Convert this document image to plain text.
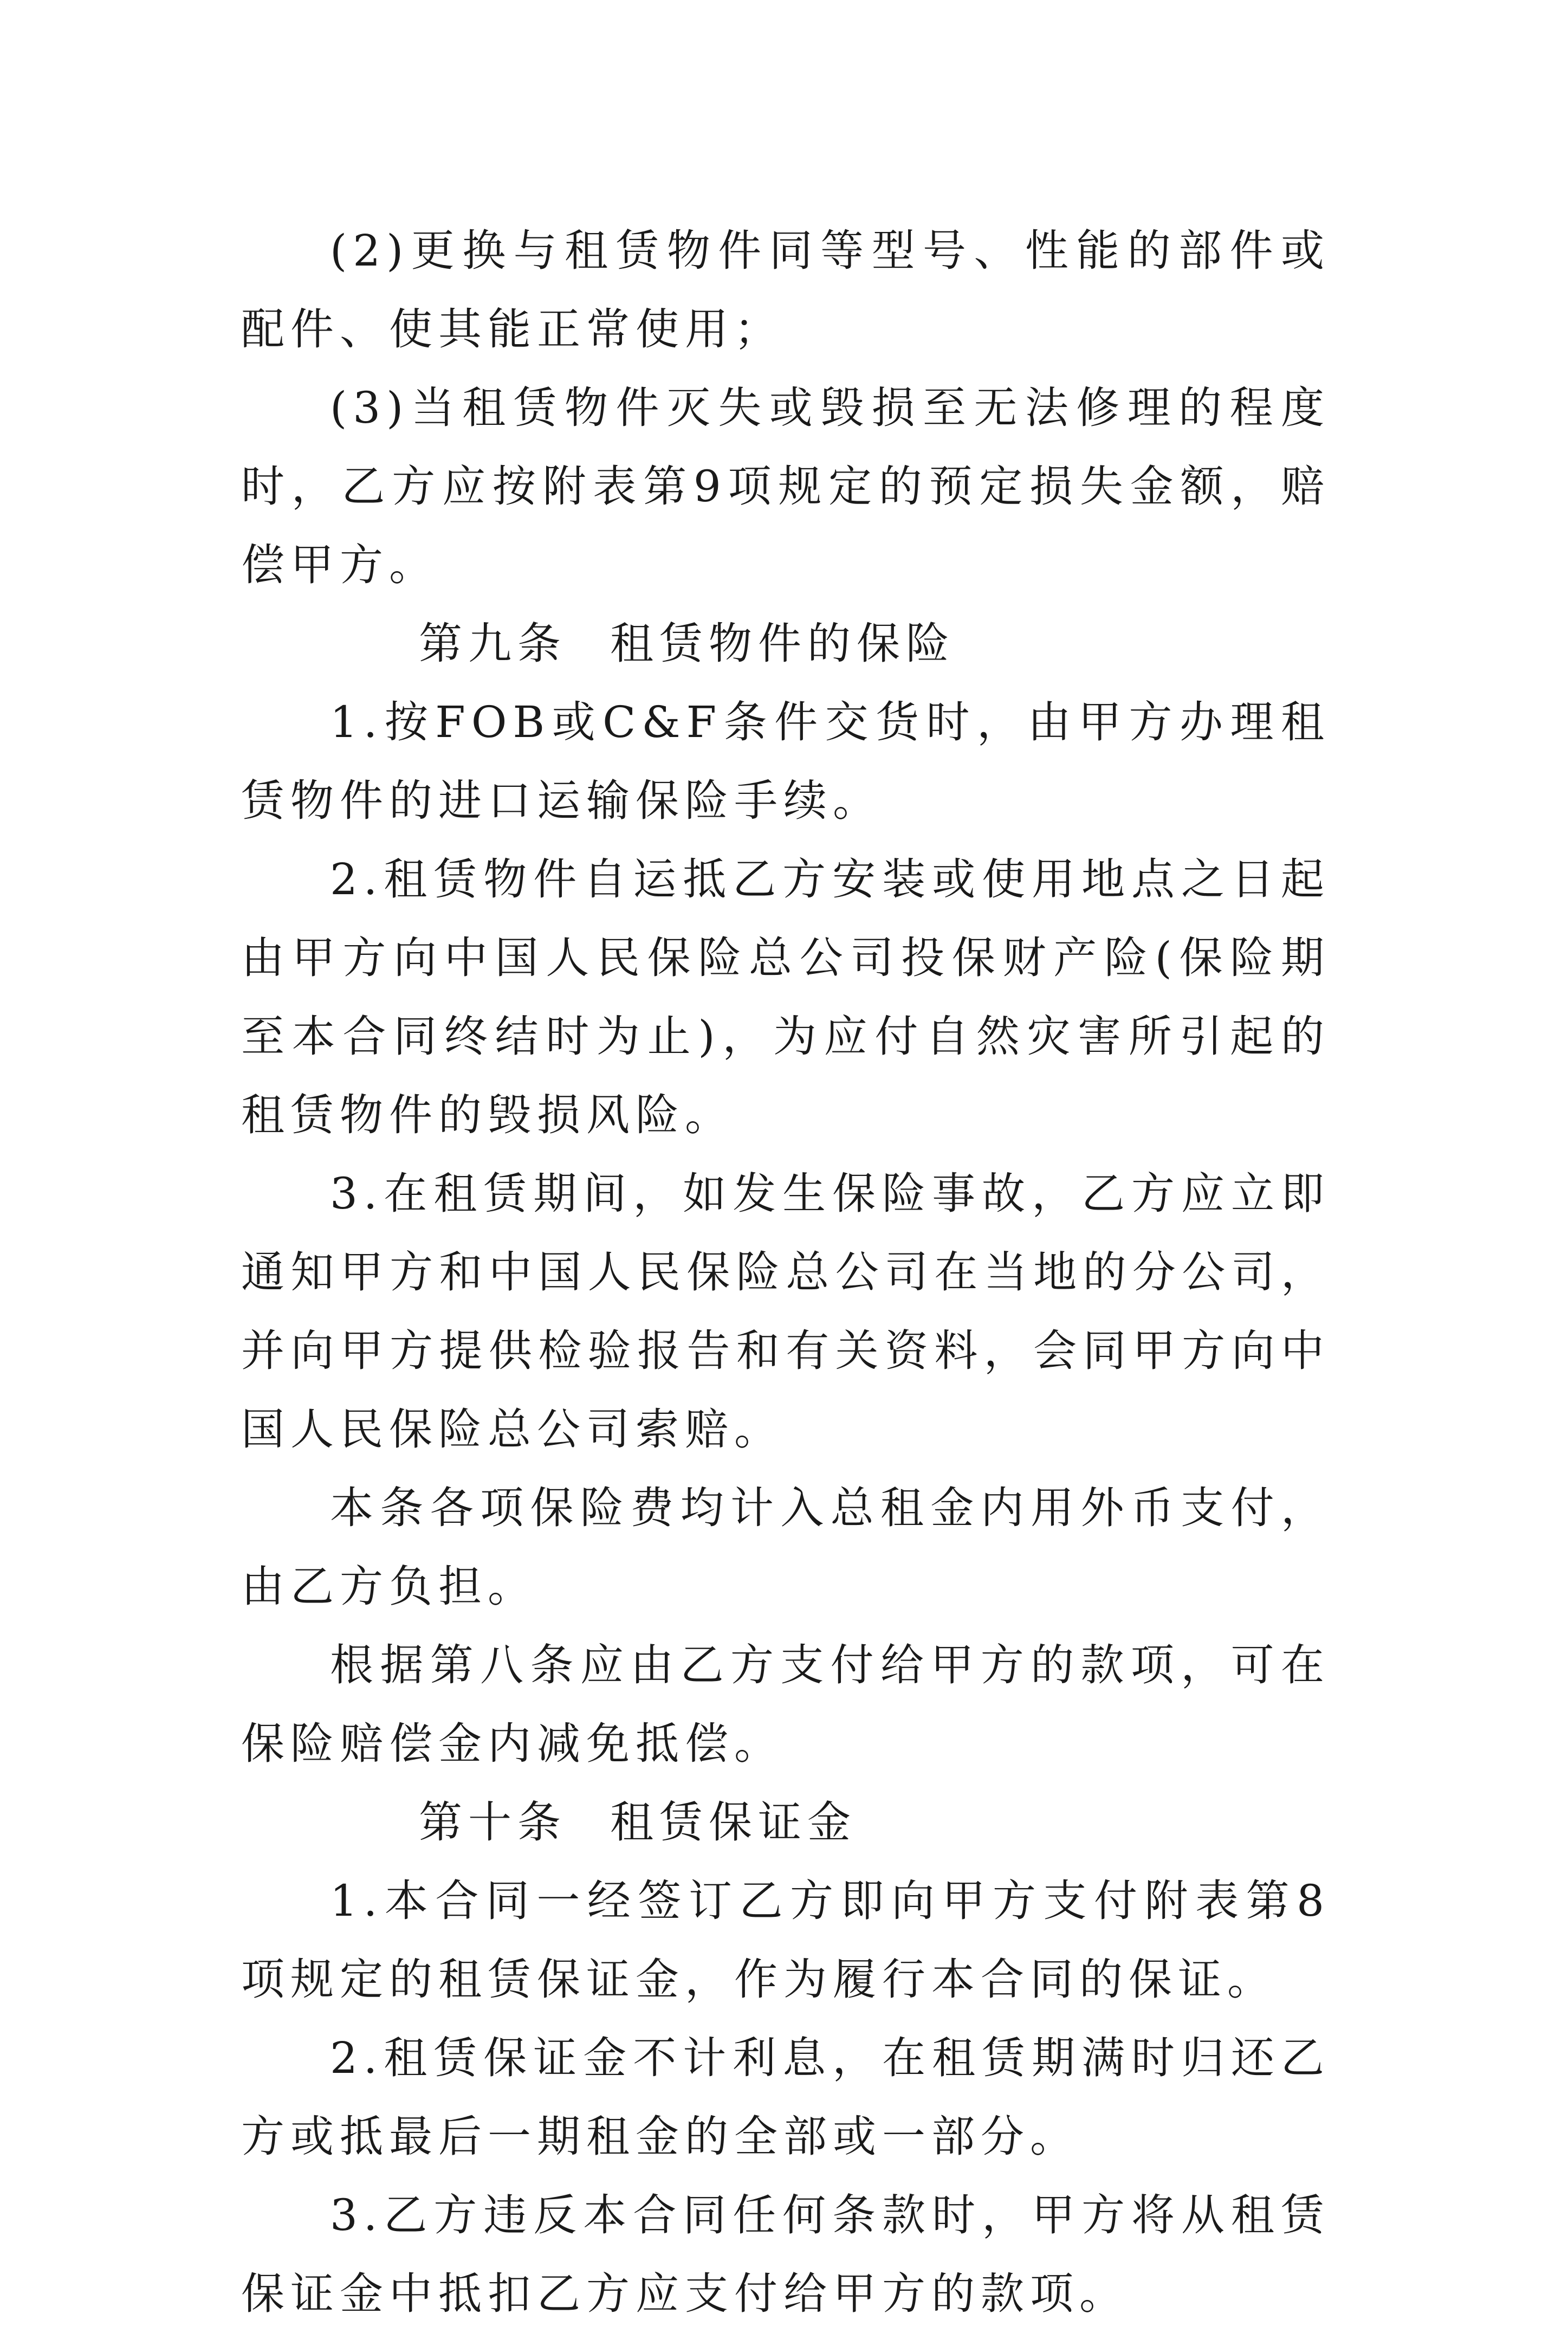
(2)更换与租赁物件同等型号、性能的部件或配件、使其能正常使用；

(3)当租赁物件灭失或毁损至无法修理的程度时，乙方应按附表第9项规定的预定损失金额，赔偿甲方。

第九条 租赁物件的保险

1.按FOB或C&F条件交货时，由甲方办理租赁物件的进口运输保险手续。

2.租赁物件自运抵乙方安装或使用地点之日起由甲方向中国人民保险总公司投保财产险(保险期至本合同终结时为止)，为应付自然灾害所引起的租赁物件的毁损风险。

3.在租赁期间，如发生保险事故，乙方应立即通知甲方和中国人民保险总公司在当地的分公司，并向甲方提供检验报告和有关资料，会同甲方向中国人民保险总公司索赔。

本条各项保险费均计入总租金内用外币支付，由乙方负担。

根据第八条应由乙方支付给甲方的款项，可在保险赔偿金内减免抵偿。

第十条 租赁保证金

1.本合同一经签订乙方即向甲方支付附表第8项规定的租赁保证金，作为履行本合同的保证。

2.租赁保证金不计利息，在租赁期满时归还乙方或抵最后一期租金的全部或一部分。

3.乙方违反本合同任何条款时，甲方将从租赁保证金中抵扣乙方应支付给甲方的款项。
